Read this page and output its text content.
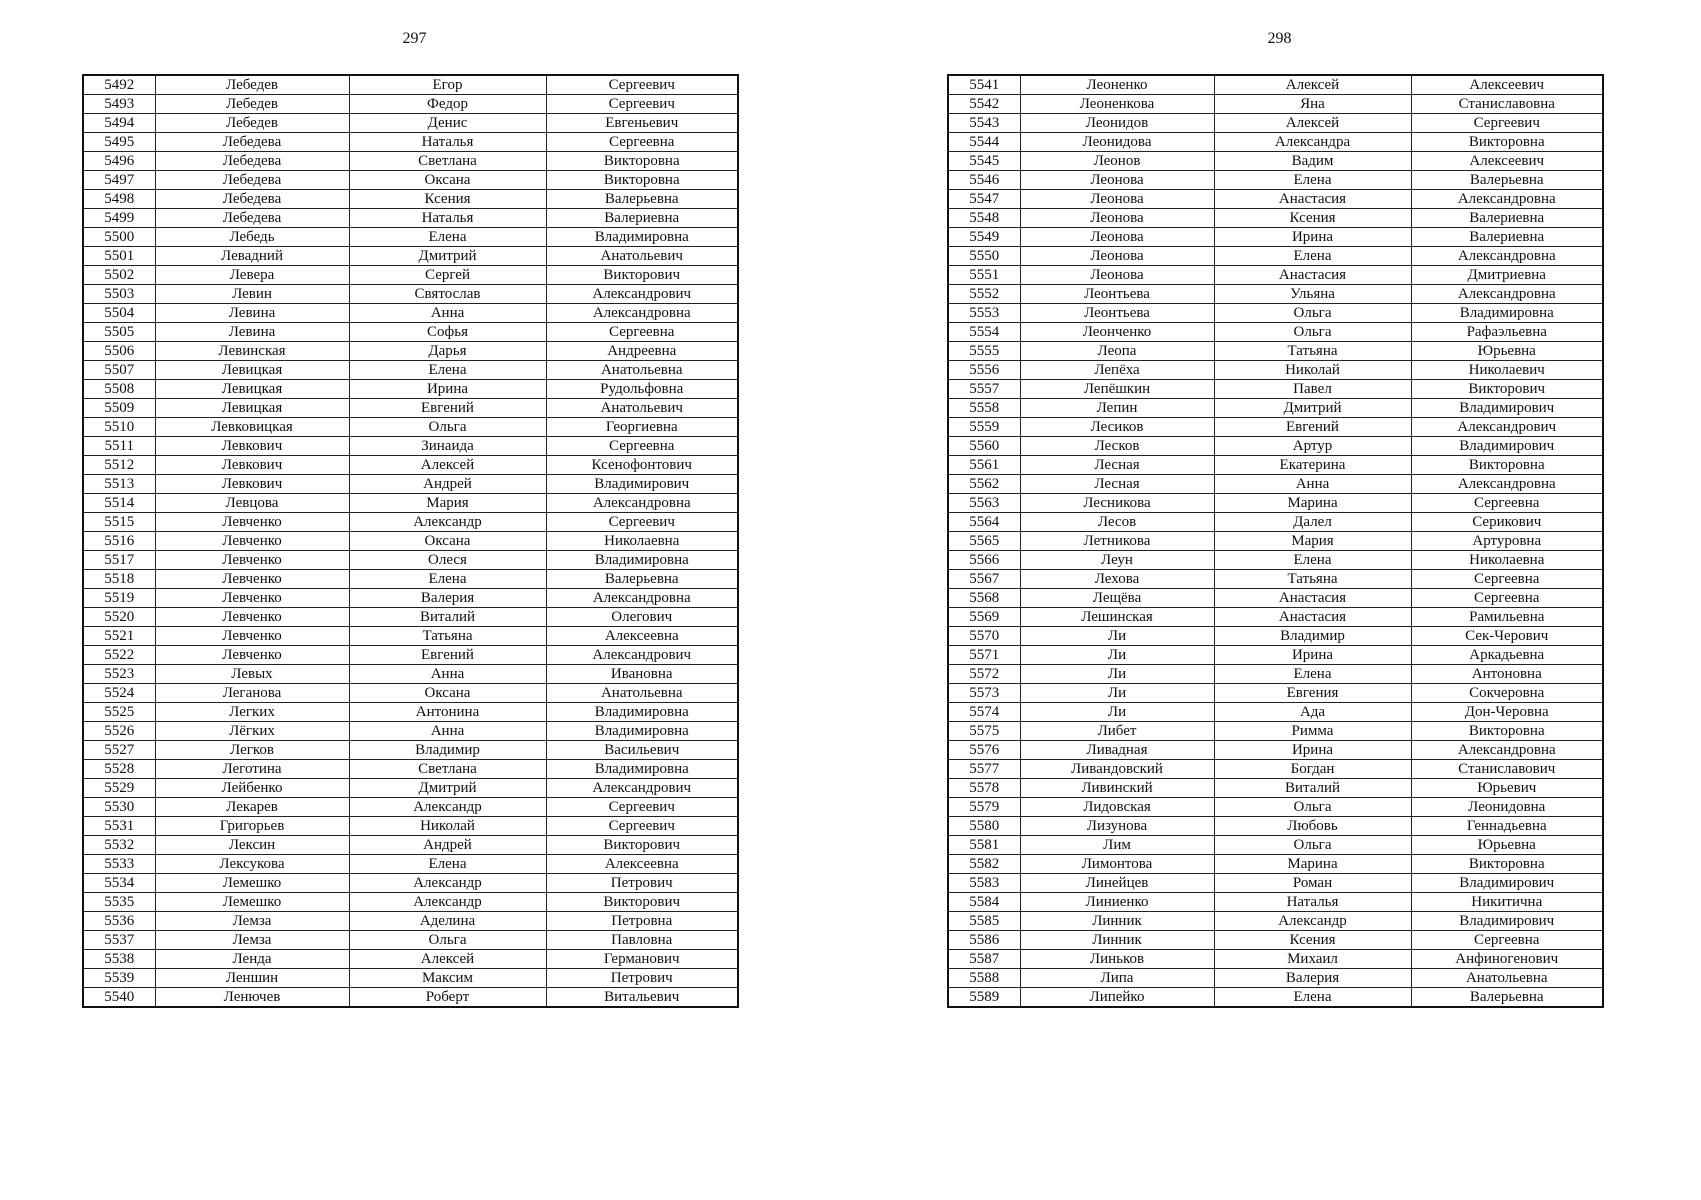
297
5492	Лебедев	Егор	Сергеевич
5493	Лебедев	Федор	Сергеевич
5494	Лебедев	Денис	Евгеньевич
5495	Лебедева	Наталья	Сергеевна
5496	Лебедева	Светлана	Викторовна
5497	Лебедева	Оксана	Викторовна
5498	Лебедева	Ксения	Валерьевна
5499	Лебедева	Наталья	Валериевна
5500	Лебедь	Елена	Владимировна
5501	Левадний	Дмитрий	Анатольевич
5502	Левера	Сергей	Викторович
5503	Левин	Святослав	Александрович
5504	Левина	Анна	Александровна
5505	Левина	Софья	Сергеевна
5506	Левинская	Дарья	Андреевна
5507	Левицкая	Елена	Анатольевна
5508	Левицкая	Ирина	Рудольфовна
5509	Левицкая	Евгений	Анатольевич
5510	Левковицкая	Ольга	Георгиевна
5511	Левкович	Зинаида	Сергеевна
5512	Левкович	Алексей	Ксенофонтович
5513	Левкович	Андрей	Владимирович
5514	Левцова	Мария	Александровна
5515	Левченко	Александр	Сергеевич
5516	Левченко	Оксана	Николаевна
5517	Левченко	Олеся	Владимировна
5518	Левченко	Елена	Валерьевна
5519	Левченко	Валерия	Александровна
5520	Левченко	Виталий	Олегович
5521	Левченко	Татьяна	Алексеевна
5522	Левченко	Евгений	Александрович
5523	Левых	Анна	Ивановна
5524	Леганова	Оксана	Анатольевна
5525	Легких	Антонина	Владимировна
5526	Лёгких	Анна	Владимировна
5527	Легков	Владимир	Васильевич
5528	Леготина	Светлана	Владимировна
5529	Лейбенко	Дмитрий	Александрович
5530	Лекарев	Александр	Сергеевич
5531	Григорьев	Николай	Сергеевич
5532	Лексин	Андрей	Викторович
5533	Лексукова	Елена	Алексеевна
5534	Лемешко	Александр	Петрович
5535	Лемешко	Александр	Викторович
5536	Лемза	Аделина	Петровна
5537	Лемза	Ольга	Павловна
5538	Ленда	Алексей	Германович
5539	Леншин	Максим	Петрович
5540	Ленючев	Роберт	Витальевич
298
5541	Леоненко	Алексей	Алексеевич
5542	Леоненкова	Яна	Станиславовна
5543	Леонидов	Алексей	Сергеевич
5544	Леонидова	Александра	Викторовна
5545	Леонов	Вадим	Алексеевич
5546	Леонова	Елена	Валерьевна
5547	Леонова	Анастасия	Александровна
5548	Леонова	Ксения	Валериевна
5549	Леонова	Ирина	Валериевна
5550	Леонова	Елена	Александровна
5551	Леонова	Анастасия	Дмитриевна
5552	Леонтьева	Ульяна	Александровна
5553	Леонтьева	Ольга	Владимировна
5554	Леонченко	Ольга	Рафаэльевна
5555	Леопа	Татьяна	Юрьевна
5556	Лепёха	Николай	Николаевич
5557	Лепёшкин	Павел	Викторович
5558	Лепин	Дмитрий	Владимирович
5559	Лесиков	Евгений	Александрович
5560	Лесков	Артур	Владимирович
5561	Лесная	Екатерина	Викторовна
5562	Лесная	Анна	Александровна
5563	Лесникова	Марина	Сергеевна
5564	Лесов	Далел	Серикович
5565	Летникова	Мария	Артуровна
5566	Леун	Елена	Николаевна
5567	Лехова	Татьяна	Сергеевна
5568	Лещёва	Анастасия	Сергеевна
5569	Лешинская	Анастасия	Рамильевна
5570	Ли	Владимир	Сек-Черович
5571	Ли	Ирина	Аркадьевна
5572	Ли	Елена	Антоновна
5573	Ли	Евгения	Сокчеровна
5574	Ли	Ада	Дон-Черовна
5575	Либет	Римма	Викторовна
5576	Ливадная	Ирина	Александровна
5577	Ливандовский	Богдан	Станиславович
5578	Ливинский	Виталий	Юрьевич
5579	Лидовская	Ольга	Леонидовна
5580	Лизунова	Любовь	Геннадьевна
5581	Лим	Ольга	Юрьевна
5582	Лимонтова	Марина	Викторовна
5583	Линейцев	Роман	Владимирович
5584	Линиенко	Наталья	Никитична
5585	Линник	Александр	Владимирович
5586	Линник	Ксения	Сергеевна
5587	Линьков	Михаил	Анфиногенович
5588	Липа	Валерия	Анатольевна
5589	Липейко	Елена	Валерьевна
